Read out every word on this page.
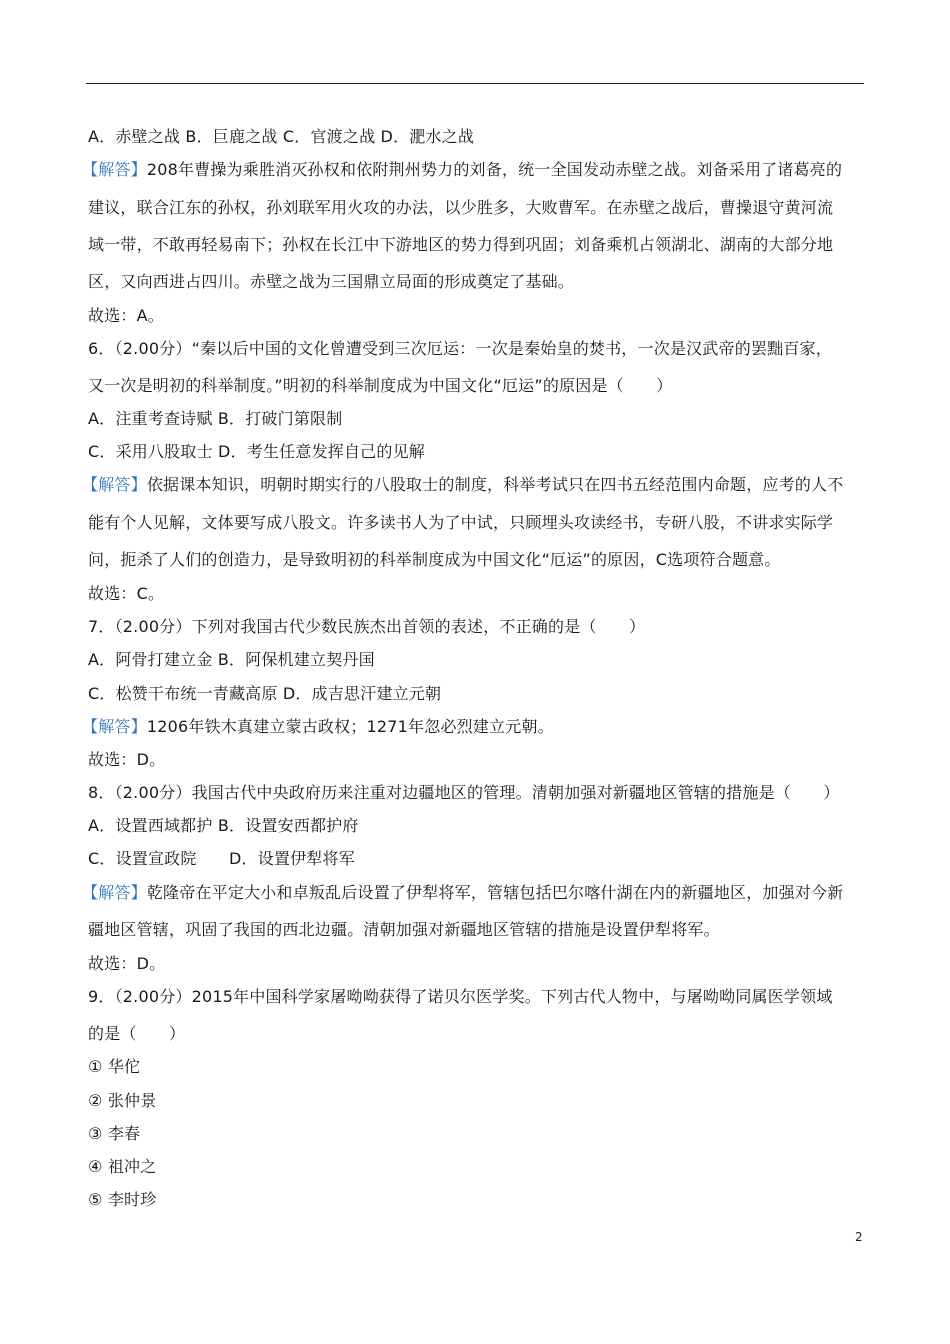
A．赤壁之战 B．巨鹿之战 C．官渡之战 D．淝水之战
【解答】208年曹操为乘胜消灭孙权和依附荆州势力的刘备，统一全国发动赤壁之战。刘备采用了诸葛亮的
建议，联合江东的孙权，孙刘联军用火攻的办法，以少胜多，大败曹军。在赤壁之战后，曹操退守黄河流
域一带，不敢再轻易南下；孙权在长江中下游地区的势力得到巩固；刘备乘机占领湖北、湖南的大部分地
区，又向西进占四川。赤壁之战为三国鼎立局面的形成奠定了基础。
故选：A。
6．（2.00分）“秦以后中国的文化曾遭受到三次厄运：一次是秦始皇的焚书，一次是汉武帝的罢黜百家，
又一次是明初的科举制度。”明初的科举制度成为中国文化“厄运”的原因是（　　）
A．注重考查诗赋 B．打破门第限制
C．采用八股取士 D．考生任意发挥自己的见解
【解答】依据课本知识，明朝时期实行的八股取士的制度，科举考试只在四书五经范围内命题，应考的人不
能有个人见解，文体要写成八股文。许多读书人为了中试，只顾埋头攻读经书，专研八股，不讲求实际学
问，扼杀了人们的创造力，是导致明初的科举制度成为中国文化“厄运”的原因，C选项符合题意。
故选：C。
7．（2.00分）下列对我国古代少数民族杰出首领的表述，不正确的是（　　）
A．阿骨打建立金 B．阿保机建立契丹国
C．松赞干布统一青藏高原 D．成吉思汗建立元朝
【解答】1206年铁木真建立蒙古政权；1271年忽必烈建立元朝。
故选：D。
8．（2.00分）我国古代中央政府历来注重对边疆地区的管理。清朝加强对新疆地区管辖的措施是（　　）
A．设置西域都护 B．设置安西都护府
C．设置宣政院　　D．设置伊犁将军
【解答】乾隆帝在平定大小和卓叛乱后设置了伊犁将军，管辖包括巴尔喀什湖在内的新疆地区，加强对今新
疆地区管辖，巩固了我国的西北边疆。清朝加强对新疆地区管辖的措施是设置伊犁将军。
故选：D。
9．（2.00分）2015年中国科学家屠呦呦获得了诺贝尔医学奖。下列古代人物中，与屠呦呦同属医学领域
的是（　　）
① 华佗
② 张仲景
③ 李春
④ 祖冲之
⑤ 李时珍
2
